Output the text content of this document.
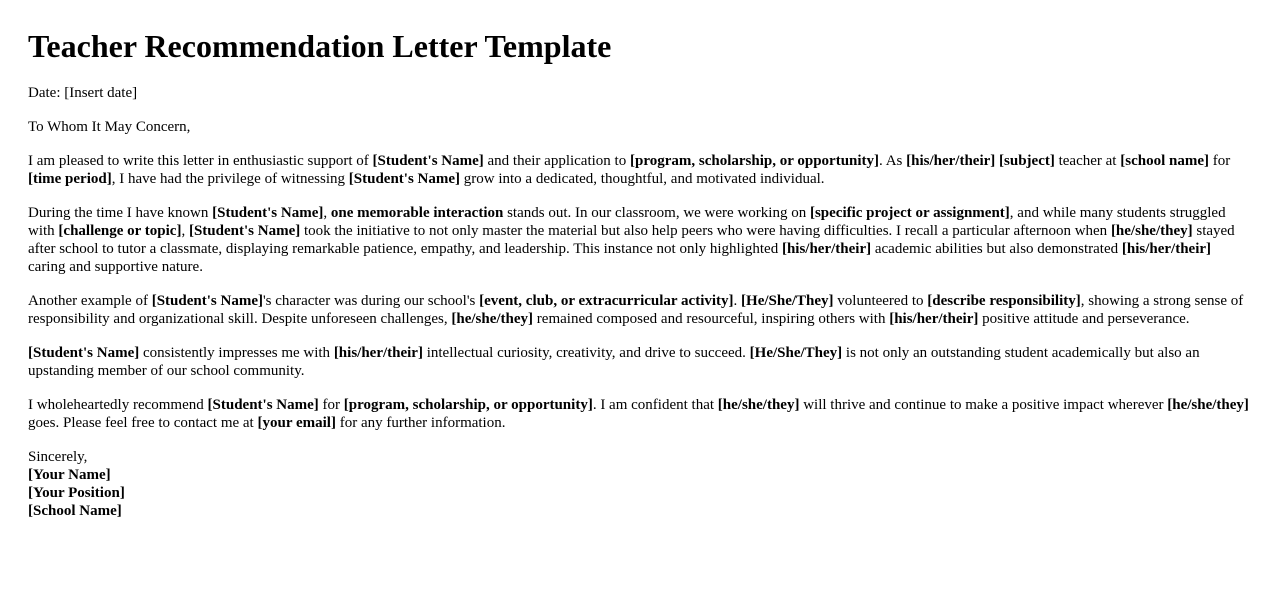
Teacher Recommendation Letter Template

Date: [Insert date]

To Whom It May Concern,

I am pleased to write this letter in enthusiastic support of [Student's Name] and their application to [program, scholarship, or opportunity]. As [his/her/their] [subject] teacher at [school name] for [time period], I have had the privilege of witnessing [Student's Name] grow into a dedicated, thoughtful, and motivated individual.

During the time I have known [Student's Name], one memorable interaction stands out. In our classroom, we were working on [specific project or assignment], and while many students struggled with [challenge or topic], [Student's Name] took the initiative to not only master the material but also help peers who were having difficulties. I recall a particular afternoon when [he/she/they] stayed after school to tutor a classmate, displaying remarkable patience, empathy, and leadership. This instance not only highlighted [his/her/their] academic abilities but also demonstrated [his/her/their] caring and supportive nature.

Another example of [Student's Name]'s character was during our school's [event, club, or extracurricular activity]. [He/She/They] volunteered to [describe responsibility], showing a strong sense of responsibility and organizational skill. Despite unforeseen challenges, [he/she/they] remained composed and resourceful, inspiring others with [his/her/their] positive attitude and perseverance.

[Student's Name] consistently impresses me with [his/her/their] intellectual curiosity, creativity, and drive to succeed. [He/She/They] is not only an outstanding student academically but also an upstanding member of our school community.

I wholeheartedly recommend [Student's Name] for [program, scholarship, or opportunity]. I am confident that [he/she/they] will thrive and continue to make a positive impact wherever [he/she/they] goes. Please feel free to contact me at [your email] for any further information.

Sincerely,
[Your Name]
[Your Position]
[School Name]
